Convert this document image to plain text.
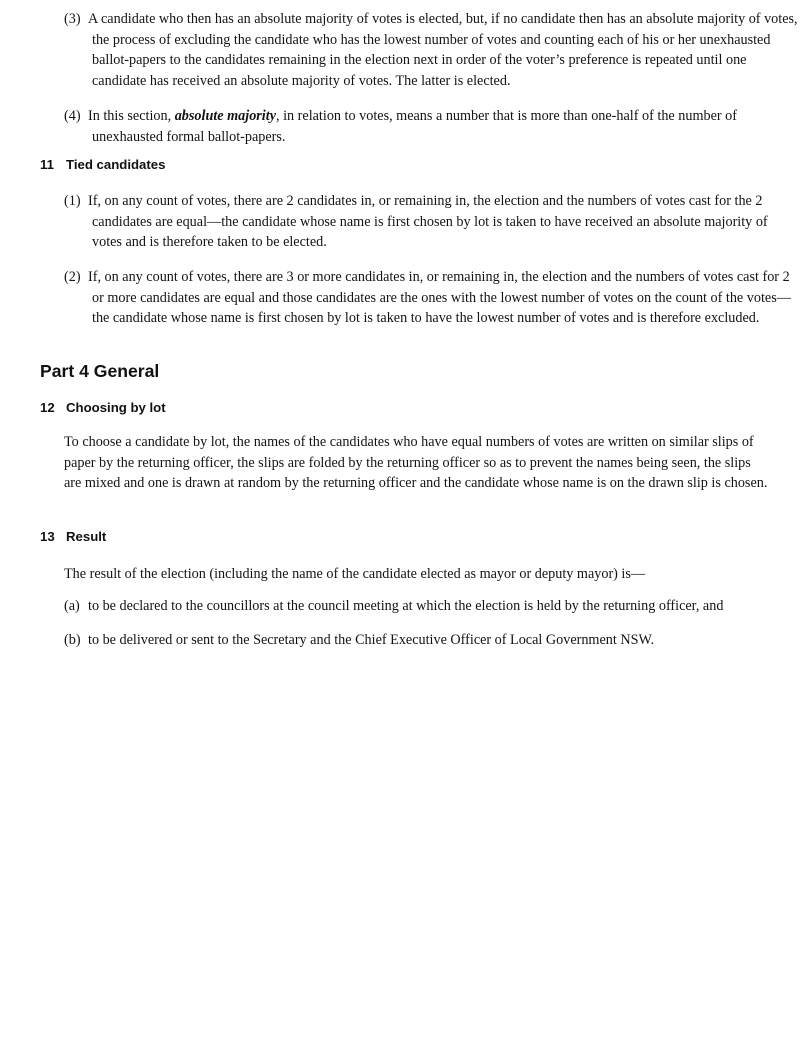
(3) A candidate who then has an absolute majority of votes is elected, but, if no candidate then has an absolute majority of votes, the process of excluding the candidate who has the lowest number of votes and counting each of his or her unexhausted ballot-papers to the candidates remaining in the election next in order of the voter’s preference is repeated until one candidate has received an absolute majority of votes. The latter is elected.
(4) In this section, absolute majority, in relation to votes, means a number that is more than one-half of the number of unexhausted formal ballot-papers.
11 Tied candidates
(1) If, on any count of votes, there are 2 candidates in, or remaining in, the election and the numbers of votes cast for the 2 candidates are equal—the candidate whose name is first chosen by lot is taken to have received an absolute majority of votes and is therefore taken to be elected.
(2) If, on any count of votes, there are 3 or more candidates in, or remaining in, the election and the numbers of votes cast for 2 or more candidates are equal and those candidates are the ones with the lowest number of votes on the count of the votes—the candidate whose name is first chosen by lot is taken to have the lowest number of votes and is therefore excluded.
Part 4 General
12 Choosing by lot
To choose a candidate by lot, the names of the candidates who have equal numbers of votes are written on similar slips of paper by the returning officer, the slips are folded by the returning officer so as to prevent the names being seen, the slips are mixed and one is drawn at random by the returning officer and the candidate whose name is on the drawn slip is chosen.
13 Result
The result of the election (including the name of the candidate elected as mayor or deputy mayor) is—
(a) to be declared to the councillors at the council meeting at which the election is held by the returning officer, and
(b) to be delivered or sent to the Secretary and the Chief Executive Officer of Local Government NSW.
